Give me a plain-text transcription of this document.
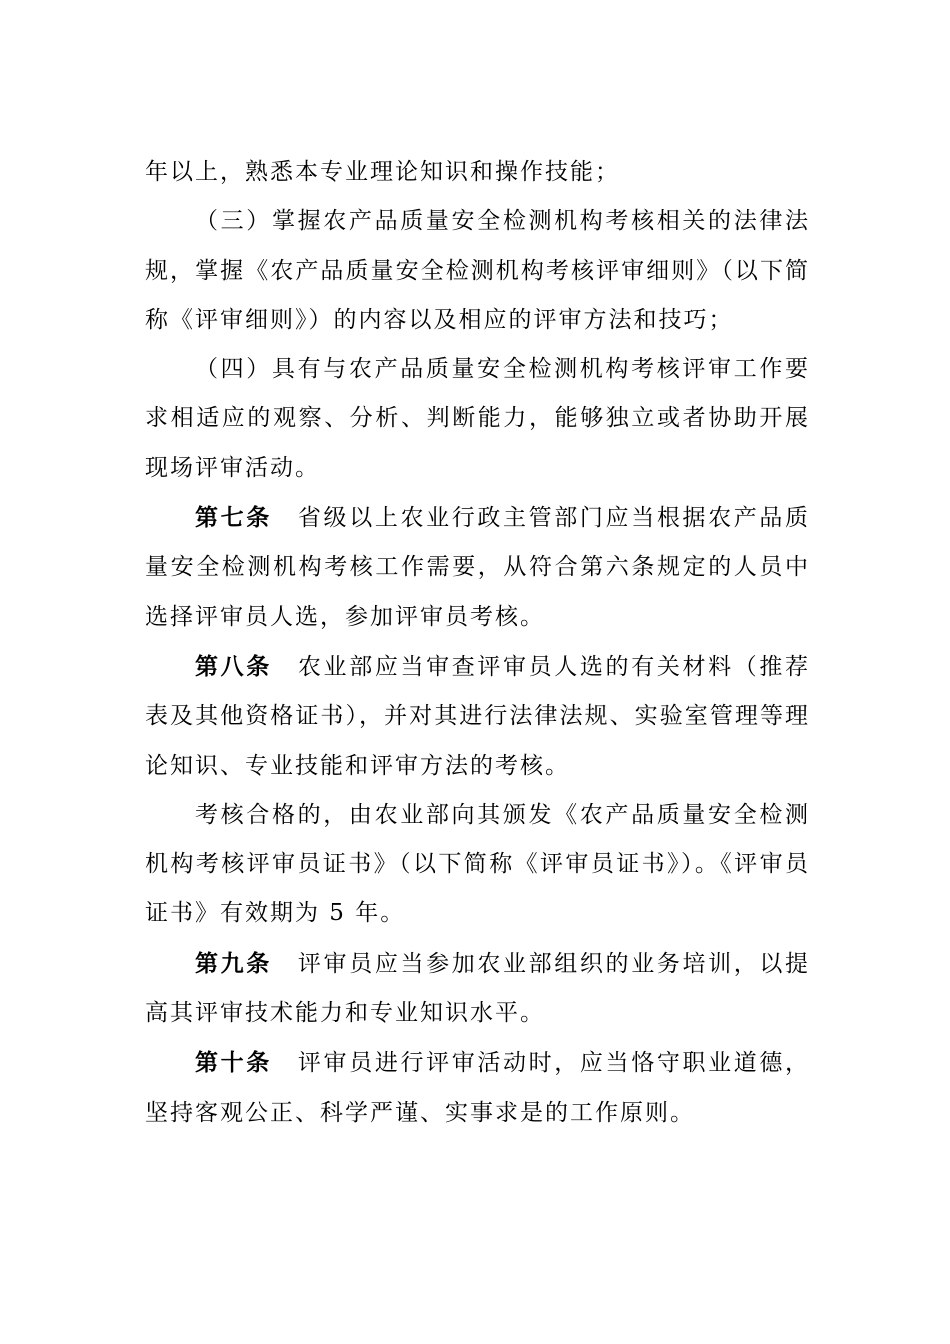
年以上，熟悉本专业理论知识和操作技能；

（三）掌握农产品质量安全检测机构考核相关的法律法规，掌握《农产品质量安全检测机构考核评审细则》（以下简称《评审细则》）的内容以及相应的评审方法和技巧；

（四）具有与农产品质量安全检测机构考核评审工作要求相适应的观察、分析、判断能力，能够独立或者协助开展现场评审活动。

第七条 省级以上农业行政主管部门应当根据农产品质量安全检测机构考核工作需要，从符合第六条规定的人员中选择评审员人选，参加评审员考核。

第八条 农业部应当审查评审员人选的有关材料（推荐表及其他资格证书），并对其进行法律法规、实验室管理等理论知识、专业技能和评审方法的考核。

考核合格的，由农业部向其颁发《农产品质量安全检测机构考核评审员证书》（以下简称《评审员证书》）。《评审员证书》有效期为 5 年。

第九条 评审员应当参加农业部组织的业务培训，以提高其评审技术能力和专业知识水平。

第十条 评审员进行评审活动时，应当恪守职业道德，坚持客观公正、科学严谨、实事求是的工作原则。
